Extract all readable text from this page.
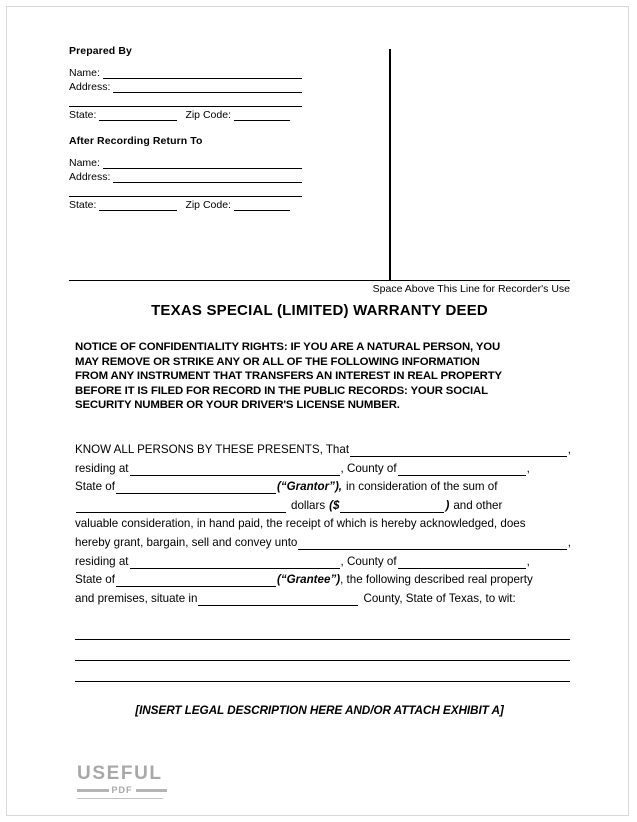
Prepared By
Name:
Address:
State:	Zip Code:
After Recording Return To
Name:
Address:
State:	Zip Code:
Space Above This Line for Recorder's Use
TEXAS SPECIAL (LIMITED) WARRANTY DEED
NOTICE OF CONFIDENTIALITY RIGHTS: IF YOU ARE A NATURAL PERSON, YOU
MAY REMOVE OR STRIKE ANY OR ALL OF THE FOLLOWING INFORMATION
FROM ANY INSTRUMENT THAT TRANSFERS AN INTEREST IN REAL PROPERTY
BEFORE IT IS FILED FOR RECORD IN THE PUBLIC RECORDS: YOUR SOCIAL
SECURITY NUMBER OR YOUR DRIVER'S LICENSE NUMBER.
KNOW ALL PERSONS BY THESE PRESENTS, That	,
residing at	, County of	,
State of	(“Grantor”), in consideration of the sum of
dollars ($	) and other
valuable consideration, in hand paid, the receipt of which is hereby acknowledged, does
hereby grant, bargain, sell and convey unto	,
residing at	, County of	,
State of	(“Grantee”) , the following described real property
and premises, situate in	County, State of Texas, to wit:
[INSERT LEGAL DESCRIPTION HERE AND/OR ATTACH EXHIBIT A]
USEFUL
PDF
